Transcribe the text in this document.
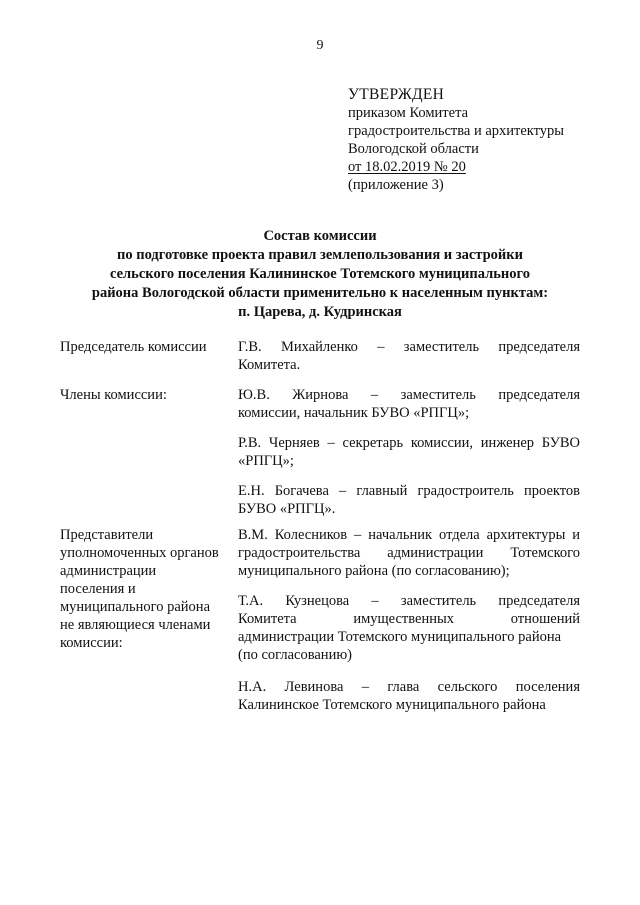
9
УТВЕРЖДЕН
приказом Комитета
градостроительства и архитектуры
Вологодской области
от 18.02.2019 № 20
(приложение 3)
Состав комиссии
по подготовке проекта правил землепользования и застройки
сельского поселения Калининское Тотемского муниципального
района Вологодской области применительно к населенным пунктам:
п. Царева, д. Кудринская
Председатель комиссии	Г.В. Михайленко – заместитель председателя
Комитета.
Члены комиссии:	Ю.В. Жирнова – заместитель председателя
комиссии, начальник БУВО «РПГЦ»;
Р.В. Черняев – секретарь комиссии, инженер БУВО
«РПГЦ»;
Е.Н. Богачева – главный градостроитель проектов
БУВО «РПГЦ».
Представители
уполномоченных органов
администрации
поселения и
муниципального района
не являющиеся членами
комиссии:
В.М. Колесников – начальник отдела архитектуры и
градостроительства администрации Тотемского
муниципального района (по согласованию);
Т.А. Кузнецова – заместитель председателя
Комитета имущественных отношений
администрации Тотемского муниципального района
(по согласованию)
Н.А. Левинова – глава сельского поселения
Калининское Тотемского муниципального района
